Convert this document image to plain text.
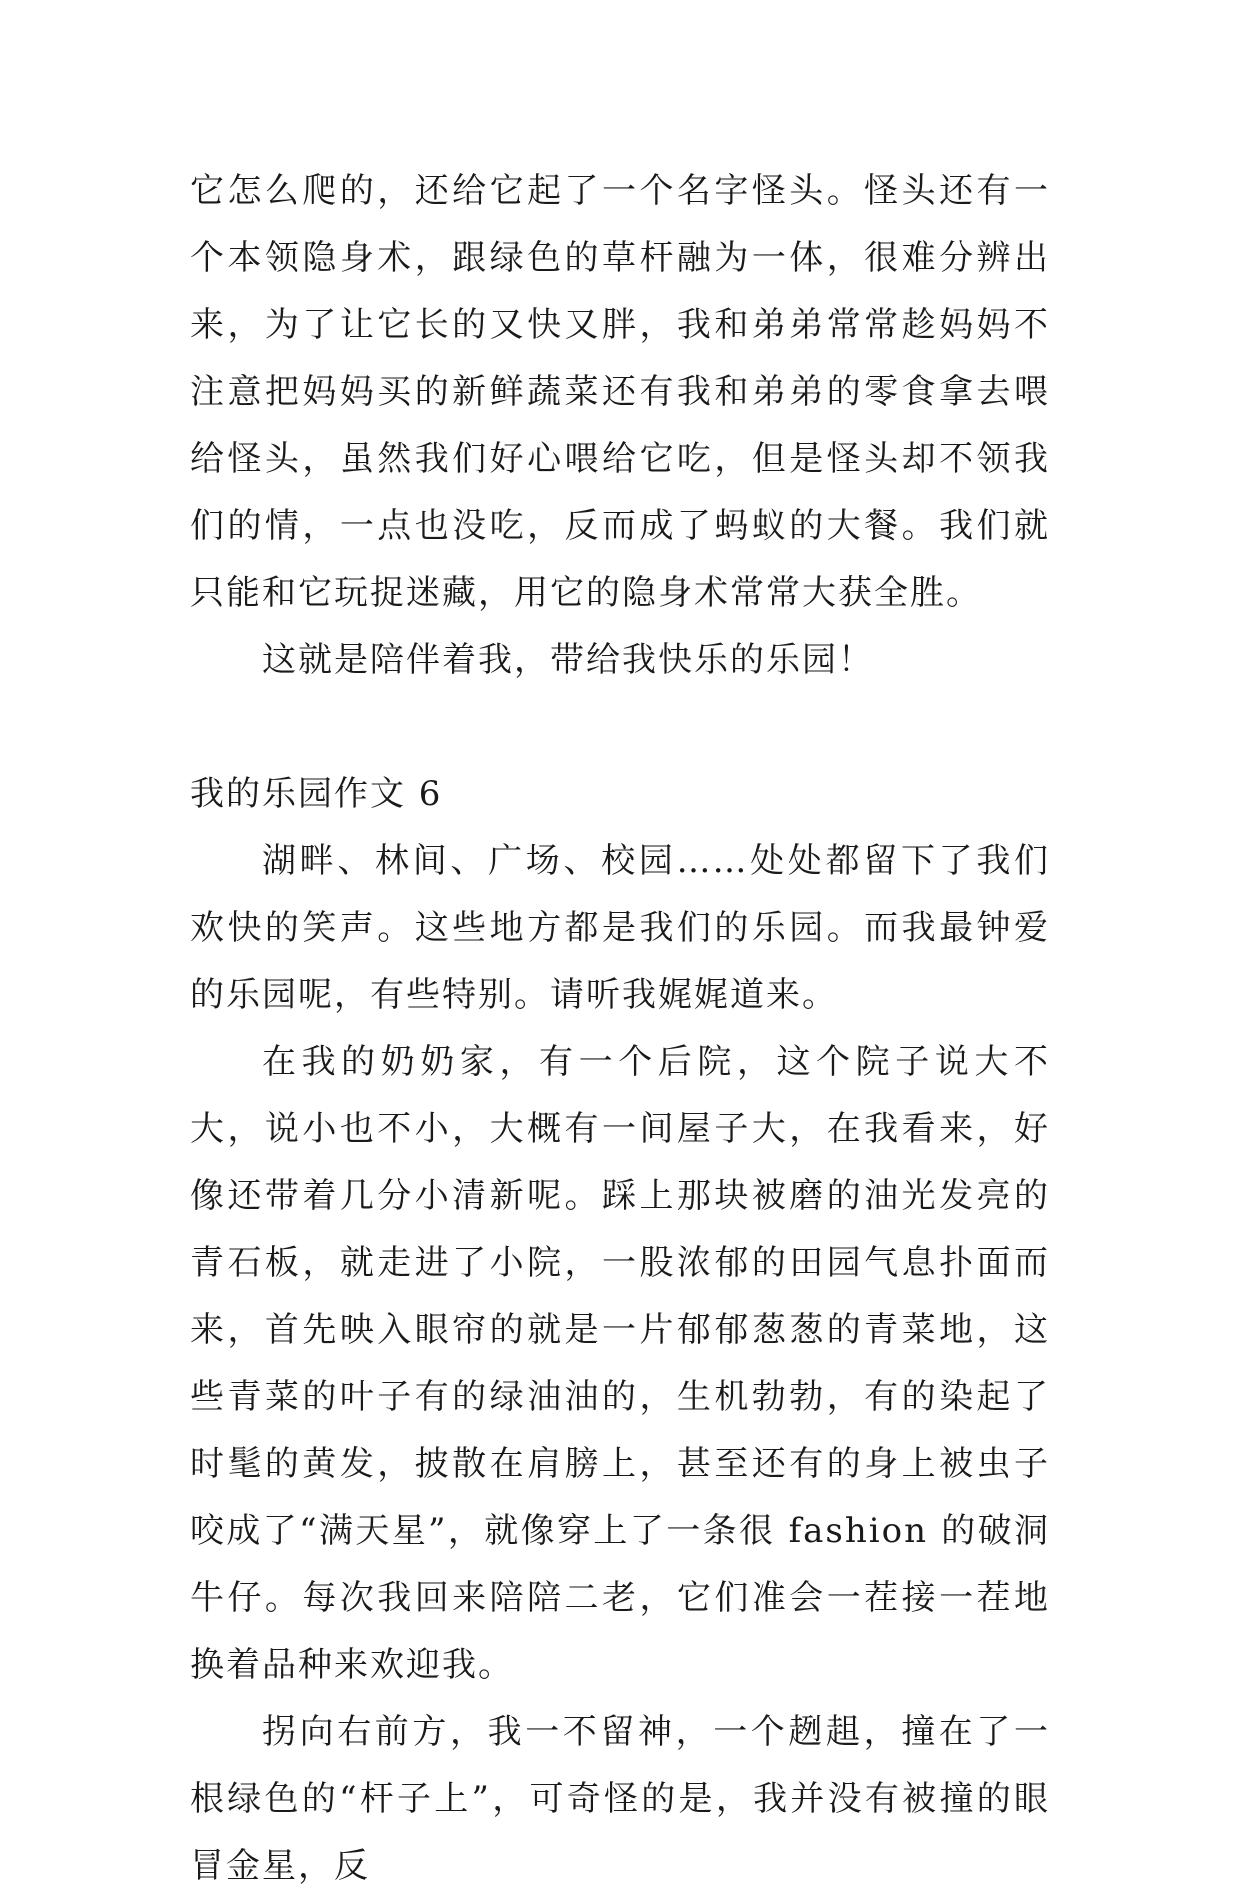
它怎么爬的，还给它起了一个名字怪头。怪头还有一个本领隐身术，跟绿色的草杆融为一体，很难分辨出来，为了让它长的又快又胖，我和弟弟常常趁妈妈不注意把妈妈买的新鲜蔬菜还有我和弟弟的零食拿去喂给怪头，虽然我们好心喂给它吃，但是怪头却不领我们的情，一点也没吃，反而成了蚂蚁的大餐。我们就只能和它玩捉迷藏，用它的隐身术常常大获全胜。

这就是陪伴着我，带给我快乐的乐园！

我的乐园作文 6

湖畔、林间、广场、校园……处处都留下了我们欢快的笑声。这些地方都是我们的乐园。而我最钟爱的乐园呢，有些特别。请听我娓娓道来。

在我的奶奶家，有一个后院，这个院子说大不大，说小也不小，大概有一间屋子大，在我看来，好像还带着几分小清新呢。踩上那块被磨的油光发亮的青石板，就走进了小院，一股浓郁的田园气息扑面而来，首先映入眼帘的就是一片郁郁葱葱的青菜地，这些青菜的叶子有的绿油油的，生机勃勃，有的染起了时髦的黄发，披散在肩膀上，甚至还有的身上被虫子咬成了“满天星”，就像穿上了一条很 fashion 的破洞牛仔。每次我回来陪陪二老，它们准会一茬接一茬地换着品种来欢迎我。

拐向右前方，我一不留神，一个趔趄，撞在了一根绿色的“杆子上”，可奇怪的是，我并没有被撞的眼冒金星，反
